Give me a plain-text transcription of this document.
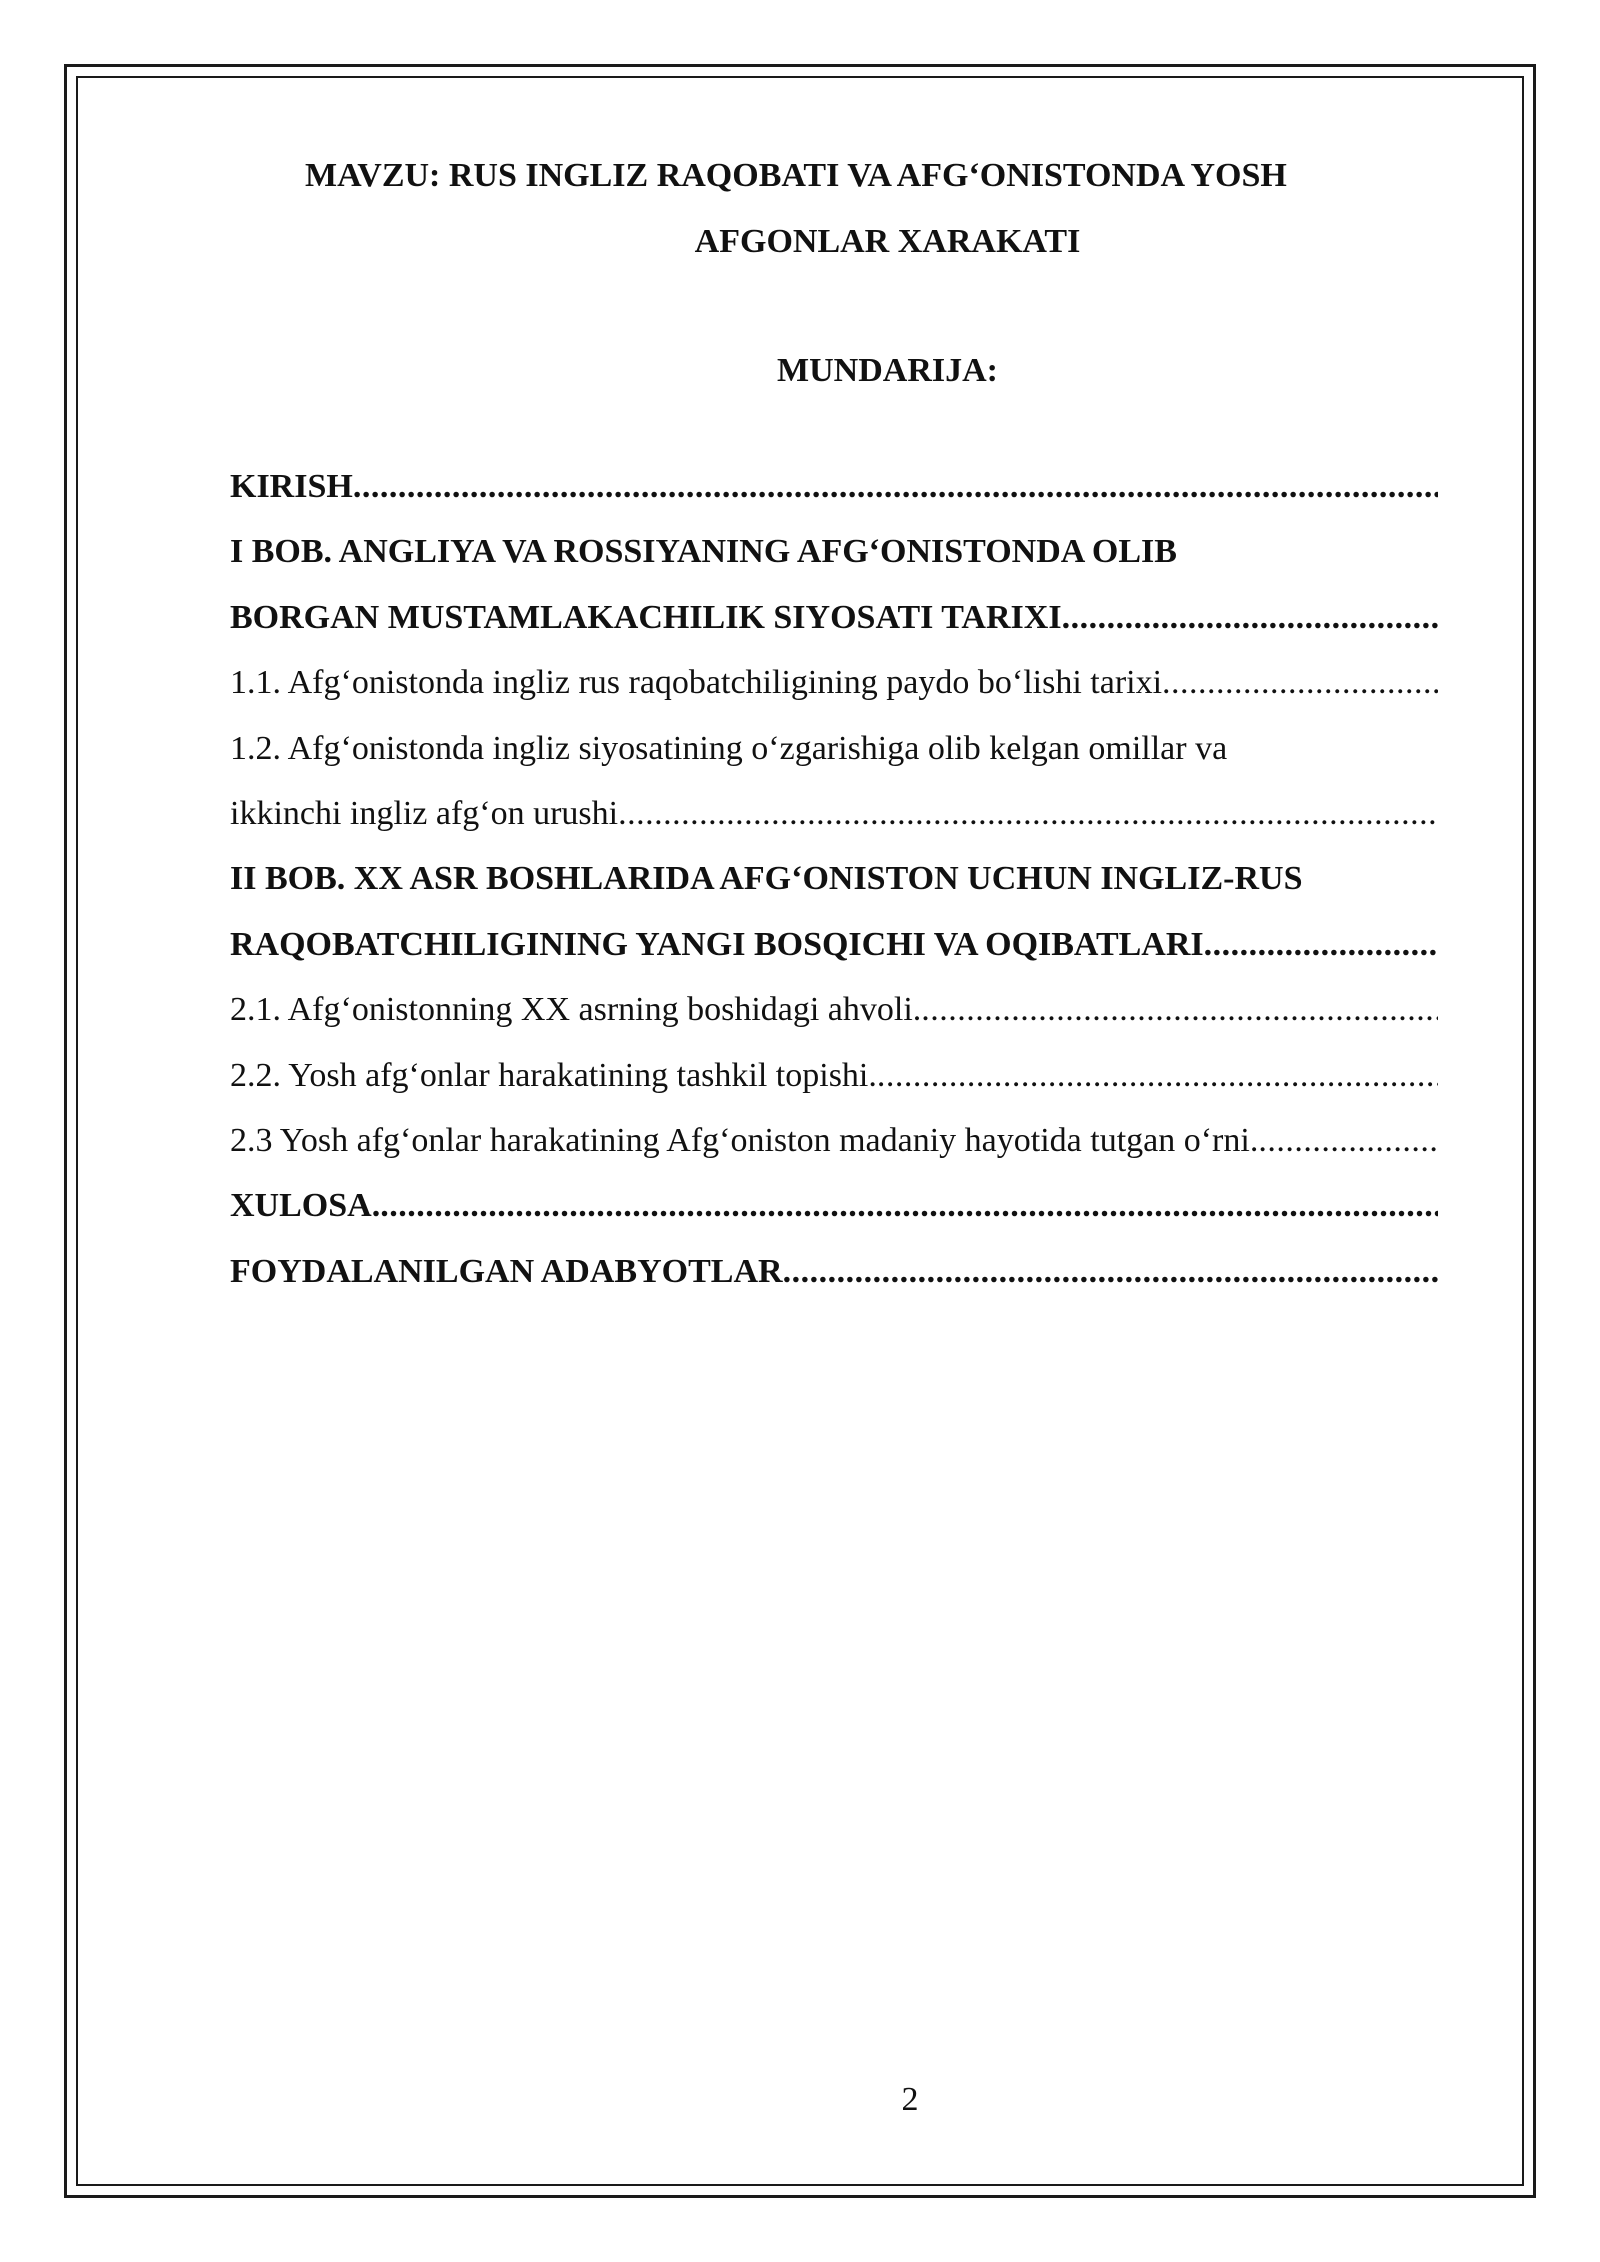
MAVZU: RUS INGLIZ RAQOBATI VA AFG‘ONISTONDA YOSH
AFGONLAR XARAKATI
MUNDARIJA:
KIRISH
.....
I BOB. ANGLIYA VA ROSSIYANING AFG‘ONISTONDA OLIB
BORGAN MUSTAMLAKACHILIK SIYOSATI TARIXI
.....
1.1. Afg‘onistonda ingliz rus raqobatchiligining paydo bo‘lishi tarixi
.....
1.2. Afg‘onistonda ingliz siyosatining o‘zgarishiga olib kelgan omillar va
ikkinchi ingliz afg‘on urushi
.....
II BOB. XX ASR BOSHLARIDA AFG‘ONISTON UCHUN INGLIZ-RUS
RAQOBATCHILIGINING YANGI BOSQICHI VA OQIBATLARI
.....
2.1. Afg‘onistonning XX asrning boshidagi ahvoli.
.....
2.2. Yosh afg‘onlar harakatining tashkil topishi.
.....
2.3 Yosh afg‘onlar harakatining Afg‘oniston madaniy hayotida tutgan o‘rni.
.....
XULOSA.
.....
FOYDALANILGAN ADABYOTLAR
.....

2
